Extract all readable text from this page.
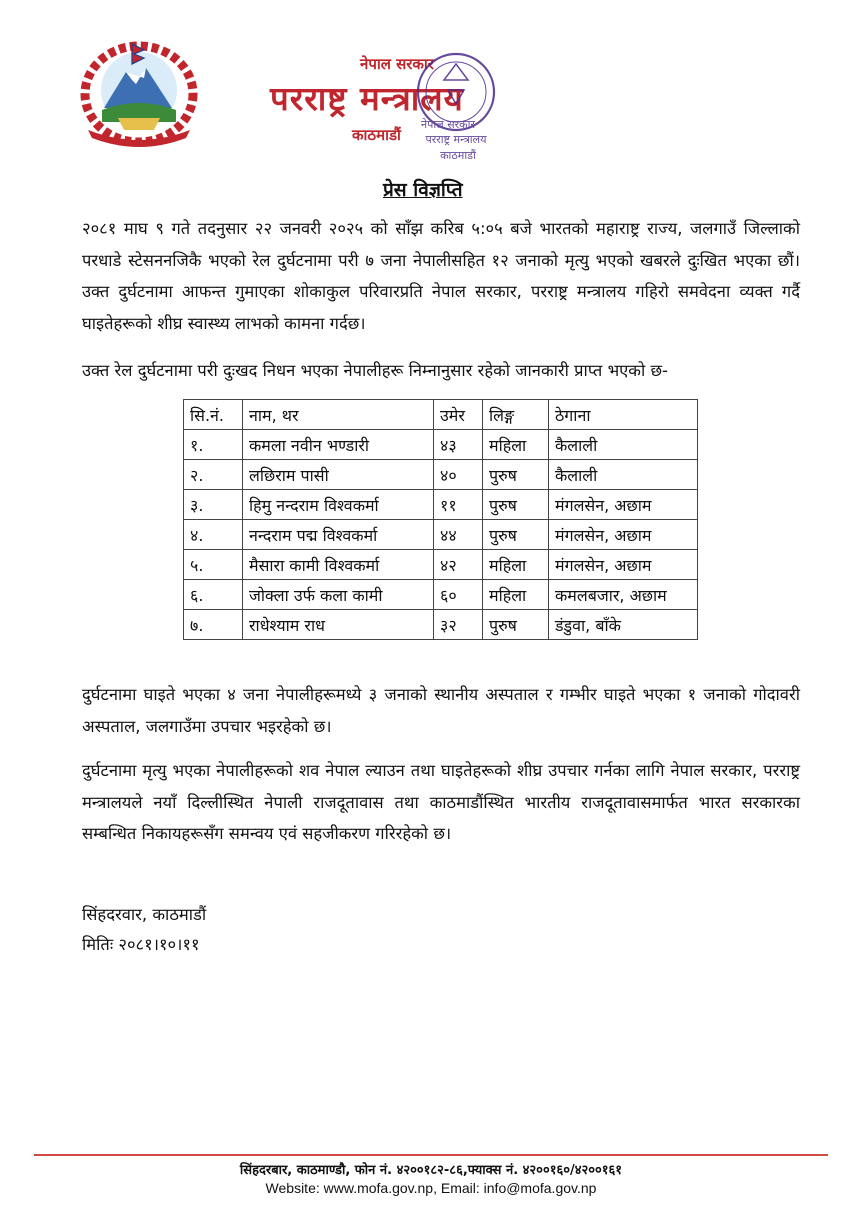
नेपाल सरकार
परराष्ट्र मन्त्रालय
काठमाडौं
नेपाल सरकार
परराष्ट्र मन्त्रालय
काठमाडौं
प्रेस विज्ञप्ति
२०८१ माघ ९ गते तदनुसार २२ जनवरी २०२५ को साँझ करिब ५:०५ बजे भारतको महाराष्ट्र राज्य, जलगाउँ जिल्लाको परधाडे स्टेसननजिकै भएको रेल दुर्घटनामा परी ७ जना नेपालीसहित १२ जनाको मृत्यु भएको खबरले दुःखित भएका छौं। उक्त दुर्घटनामा आफन्त गुमाएका शोकाकुल परिवारप्रति नेपाल सरकार, परराष्ट्र मन्त्रालय गहिरो समवेदना व्यक्त गर्दै घाइतेहरूको शीघ्र स्वास्थ्य लाभको कामना गर्दछ।
उक्त रेल दुर्घटनामा परी दुःखद निधन भएका नेपालीहरू निम्नानुसार रहेको जानकारी प्राप्त भएको छ-
सि.नं.	नाम, थर	उमेर	लिङ्ग	ठेगाना
१.	कमला नवीन भण्डारी	४३	महिला	कैलाली
२.	लछिराम पासी	४०	पुरुष	कैलाली
३.	हिमु नन्दराम विश्वकर्मा	११	पुरुष	मंगलसेन, अछाम
४.	नन्दराम पद्म विश्वकर्मा	४४	पुरुष	मंगलसेन, अछाम
५.	मैसारा कामी विश्वकर्मा	४२	महिला	मंगलसेन, अछाम
६.	जोक्ला उर्फ कला कामी	६०	महिला	कमलबजार, अछाम
७.	राधेश्याम राध	३२	पुरुष	डंडुवा, बाँके
दुर्घटनामा घाइते भएका ४ जना नेपालीहरूमध्ये ३ जनाको स्थानीय अस्पताल र गम्भीर घाइते भएका १ जनाको गोदावरी अस्पताल, जलगाउँमा उपचार भइरहेको छ।
दुर्घटनामा मृत्यु भएका नेपालीहरूको शव नेपाल ल्याउन तथा घाइतेहरूको शीघ्र उपचार गर्नका लागि नेपाल सरकार, परराष्ट्र मन्त्रालयले नयाँ दिल्लीस्थित नेपाली राजदूतावास तथा काठमाडौंस्थित भारतीय राजदूतावासमार्फत भारत सरकारका सम्बन्धित निकायहरूसँग समन्वय एवं सहजीकरण गरिरहेको छ।
सिंहदरवार, काठमाडौं
मितिः २०८१।१०।११
सिंहदरबार, काठमाण्डौ, फोन नं. ४२००१८२-८६,फ्याक्स नं. ४२००१६०/४२००१६१
Website: www.mofa.gov.np, Email: info@mofa.gov.np
